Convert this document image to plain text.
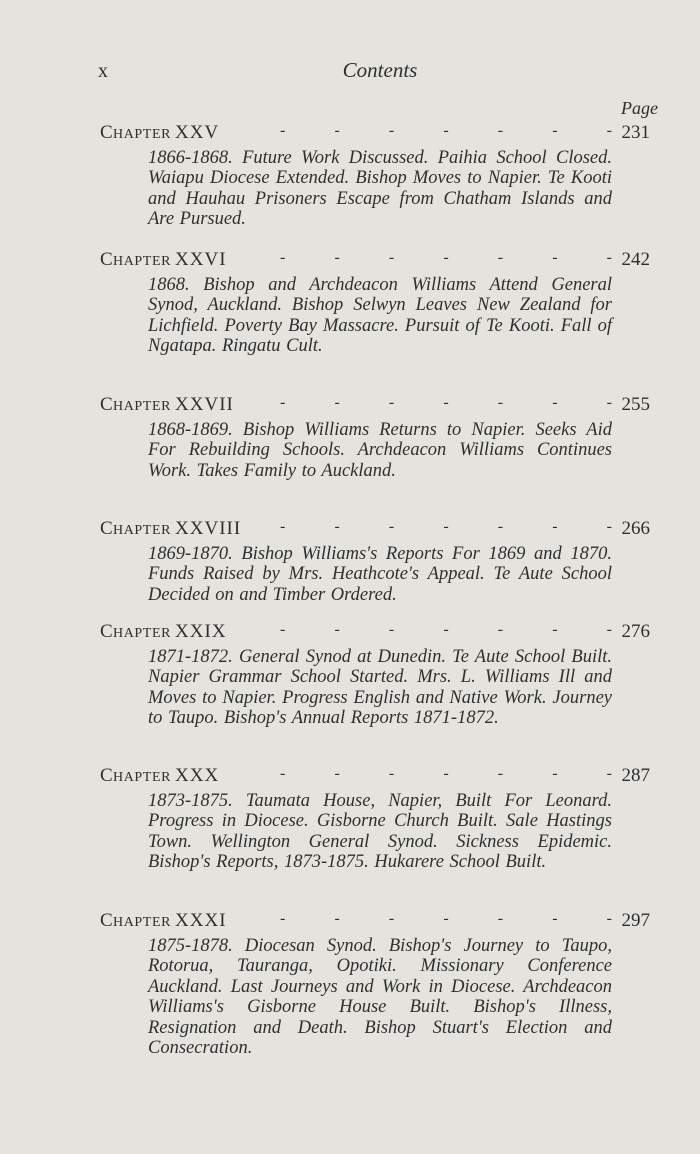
x	Contents
Page
CHAPTER XXV	-	-	-	-	-	-	- 231
1866-1868. Future Work Discussed. Paihia School Closed. Waiapu Diocese Extended. Bishop Moves to Napier. Te Kooti and Hauhau Prisoners Escape from Chatham Islands and Are Pursued.
CHAPTER XXVI	-	-	-	-	-	-	- 242
1868. Bishop and Archdeacon Williams Attend General Synod, Auckland. Bishop Selwyn Leaves New Zealand for Lichfield. Poverty Bay Massacre. Pursuit of Te Kooti. Fall of Ngatapa. Ringatu Cult.
CHAPTER XXVII	-	-	-	-	-	-	- 255
1868-1869. Bishop Williams Returns to Napier. Seeks Aid For Rebuilding Schools. Archdeacon Williams Continues Work. Takes Family to Auckland.
CHAPTER XXVIII -	-	-	-	-	-	- 266
1869-1870. Bishop Williams's Reports For 1869 and 1870. Funds Raised by Mrs. Heathcote's Appeal. Te Aute School Decided on and Timber Ordered.
CHAPTER XXIX	-	-	-	-	-	-	- 276
1871-1872. General Synod at Dunedin. Te Aute School Built. Napier Grammar School Started. Mrs. L. Williams Ill and Moves to Napier. Progress English and Native Work. Journey to Taupo. Bishop's Annual Reports 1871-1872.
CHAPTER XXX	-	-	-	-	-	-	- 287
1873-1875. Taumata House, Napier, Built For Leonard. Progress in Diocese. Gisborne Church Built. Sale Hastings Town. Wellington General Synod. Sickness Epidemic. Bishop's Reports, 1873-1875. Hukarere School Built.
CHAPTER XXXI	-	-	-	-	-	-	- 297
1875-1878. Diocesan Synod. Bishop's Journey to Taupo, Rotorua, Tauranga, Opotiki. Missionary Conference Auckland. Last Journeys and Work in Diocese. Archdeacon Williams's Gisborne House Built. Bishop's Illness, Resignation and Death. Bishop Stuart's Election and Consecration.
